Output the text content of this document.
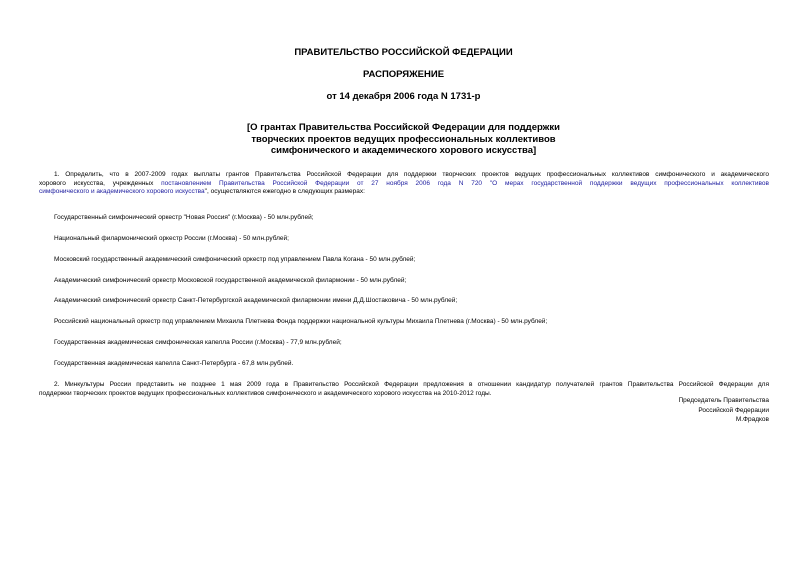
ПРАВИТЕЛЬСТВО РОССИЙСКОЙ ФЕДЕРАЦИИ

РАСПОРЯЖЕНИЕ

от 14 декабря 2006 года N 1731-р

[О грантах Правительства Российской Федерации для поддержки
творческих проектов ведущих профессиональных коллективов
симфонического и академического хорового искусства]
1. Определить, что в 2007-2009 годах выплаты грантов Правительства Российской Федерации для поддержки творческих проектов ведущих профессиональных коллективов симфонического и академического
хорового искусства, учрежденных постановлением Правительства Российской Федерации от 27 ноября 2006 года N 720 "О мерах государственной поддержки ведущих профессиональных коллективов
симфонического и академического хорового искусства", осуществляются ежегодно в следующих размерах:

Государственный симфонический оркестр "Новая Россия" (г.Москва) - 50 млн.рублей;

Национальный филармонический оркестр России (г.Москва) - 50 млн.рублей;

Московский государственный академический симфонический оркестр под управлением Павла Когана - 50 млн.рублей;

Академический симфонический оркестр Московской государственной академической филармонии - 50 млн.рублей;

Академический симфонический оркестр Санкт-Петербургской академической филармонии имени Д.Д.Шостаковича - 50 млн.рублей;

Российский национальный оркестр под управлением Михаила Плетнева Фонда поддержки национальной культуры Михаила Плетнева (г.Москва) - 50 млн.рублей;

Государственная академическая симфоническая капелла России (г.Москва) - 77,9 млн.рублей;

Государственная академическая капелла Санкт-Петербурга - 67,8 млн.рублей.

2. Минкультуры России представить не позднее 1 мая 2009 года в Правительство Российской Федерации предложения в отношении кандидатур получателей грантов Правительства Российской Федерации для
поддержки творческих проектов ведущих профессиональных коллективов симфонического и академического хорового искусства на 2010-2012 годы.
Председатель Правительства
Российской Федерации
М.Фрадков
